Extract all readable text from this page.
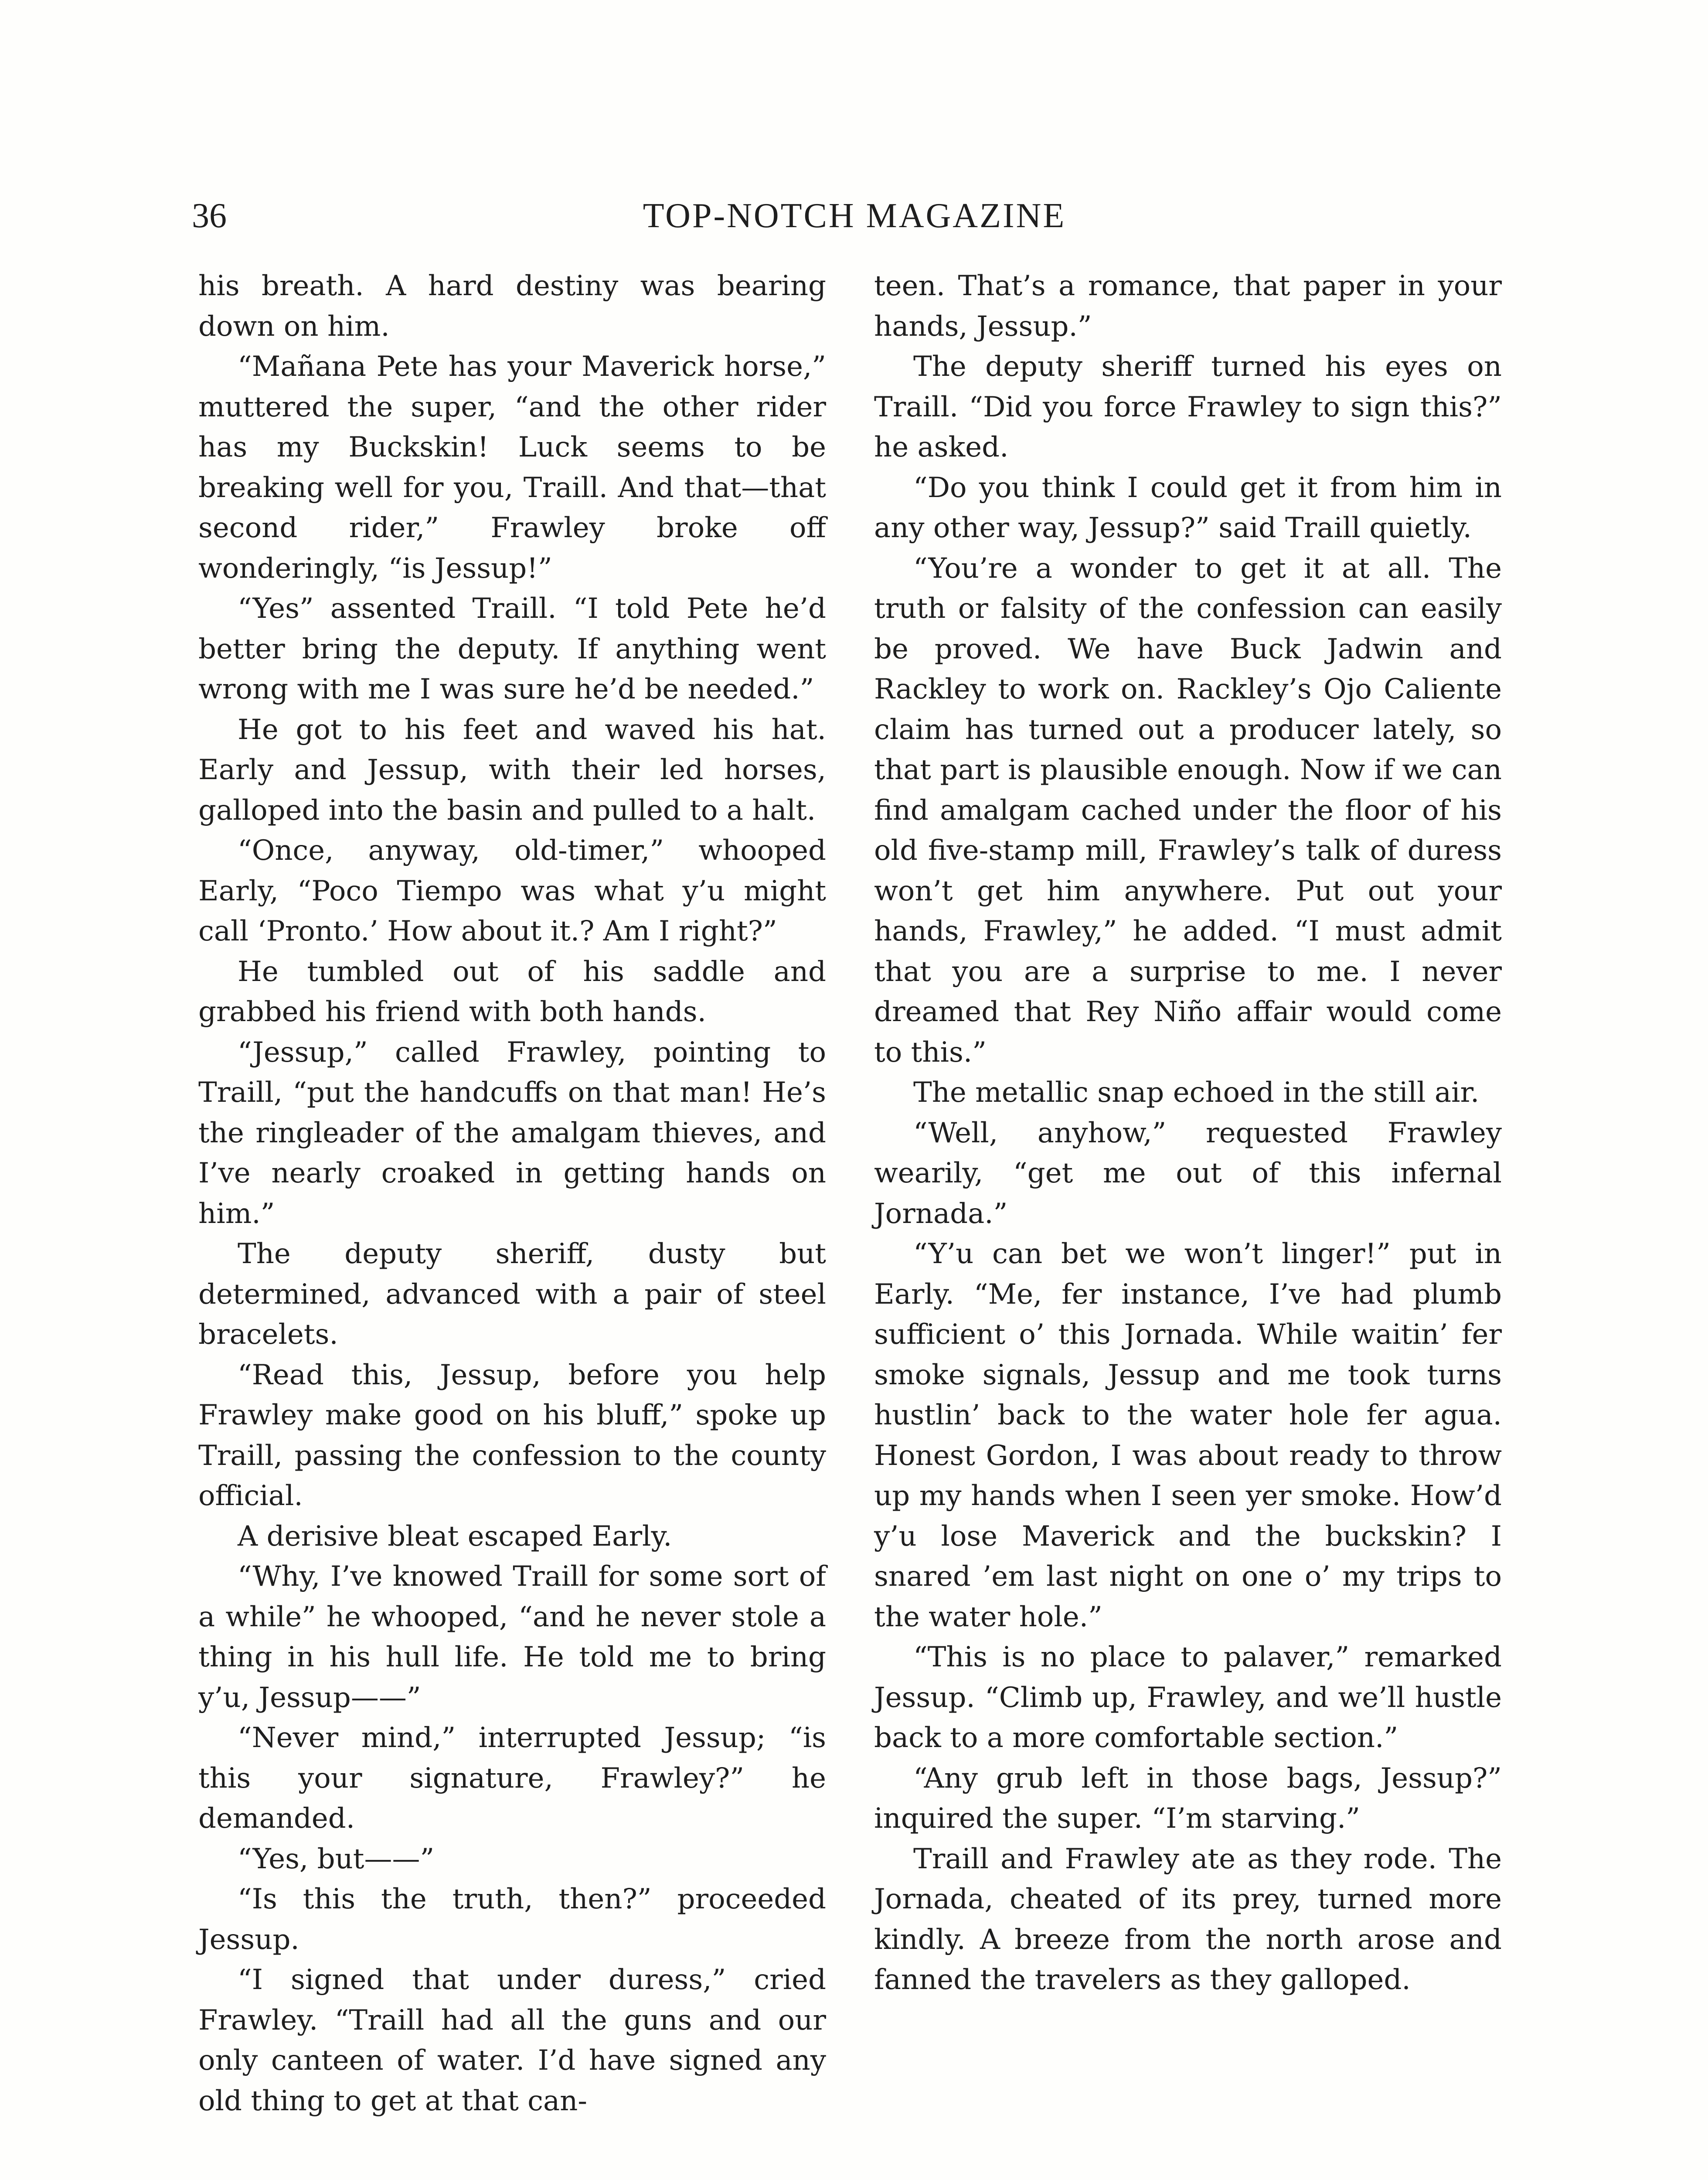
36	TOP-NOTCH MAGAZINE

his breath. A hard destiny was bearing down on him.

“Mañana Pete has your Maverick horse,” muttered the super, “and the other rider has my Buckskin! Luck seems to be breaking well for you, Traill. And that—that second rider,” Frawley broke off wonderingly, “is Jessup!”

“Yes” assented Traill. “I told Pete he’d better bring the deputy. If anything went wrong with me I was sure he’d be needed.”

He got to his feet and waved his hat. Early and Jessup, with their led horses, galloped into the basin and pulled to a halt.

“Once, anyway, old-timer,” whooped Early, “Poco Tiempo was what y’u might call ‘Pronto.’ How about it.? Am I right?”

He tumbled out of his saddle and grabbed his friend with both hands.

“Jessup,” called Frawley, pointing to Traill, “put the handcuffs on that man! He’s the ringleader of the amalgam thieves, and I’ve nearly croaked in getting hands on him.”

The deputy sheriff, dusty but determined, advanced with a pair of steel bracelets.

“Read this, Jessup, before you help Frawley make good on his bluff,” spoke up Traill, passing the confession to the county official.

A derisive bleat escaped Early.

“Why, I’ve knowed Traill for some sort of a while” he whooped, “and he never stole a thing in his hull life. He told me to bring y’u, Jessup——”

“Never mind,” interrupted Jessup; “is this your signature, Frawley?” he demanded.

“Yes, but——”

“Is this the truth, then?” proceeded Jessup.

“I signed that under duress,” cried Frawley. “Traill had all the guns and our only canteen of water. I’d have signed any old thing to get at that can-

teen. That’s a romance, that paper in your hands, Jessup.”

The deputy sheriff turned his eyes on Traill. “Did you force Frawley to sign this?” he asked.

“Do you think I could get it from him in any other way, Jessup?” said Traill quietly.

“You’re a wonder to get it at all. The truth or falsity of the confession can easily be proved. We have Buck Jadwin and Rackley to work on. Rackley’s Ojo Caliente claim has turned out a producer lately, so that part is plausible enough. Now if we can find amalgam cached under the floor of his old five-stamp mill, Frawley’s talk of duress won’t get him anywhere. Put out your hands, Frawley,” he added. “I must admit that you are a surprise to me. I never dreamed that Rey Niño affair would come to this.”

The metallic snap echoed in the still air.

“Well, anyhow,” requested Frawley wearily, “get me out of this infernal Jornada.”

“Y’u can bet we won’t linger!” put in Early. “Me, fer instance, I’ve had plumb sufficient o’ this Jornada. While waitin’ fer smoke signals, Jessup and me took turns hustlin’ back to the water hole fer agua. Honest Gordon, I was about ready to throw up my hands when I seen yer smoke. How’d y’u lose Maverick and the buckskin? I snared ’em last night on one o’ my trips to the water hole.”

“This is no place to palaver,” remarked Jessup. “Climb up, Frawley, and we’ll hustle back to a more comfortable section.”

“Any grub left in those bags, Jessup?” inquired the super. “I’m starving.”

Traill and Frawley ate as they rode. The Jornada, cheated of its prey, turned more kindly. A breeze from the north arose and fanned the travelers as they galloped.
